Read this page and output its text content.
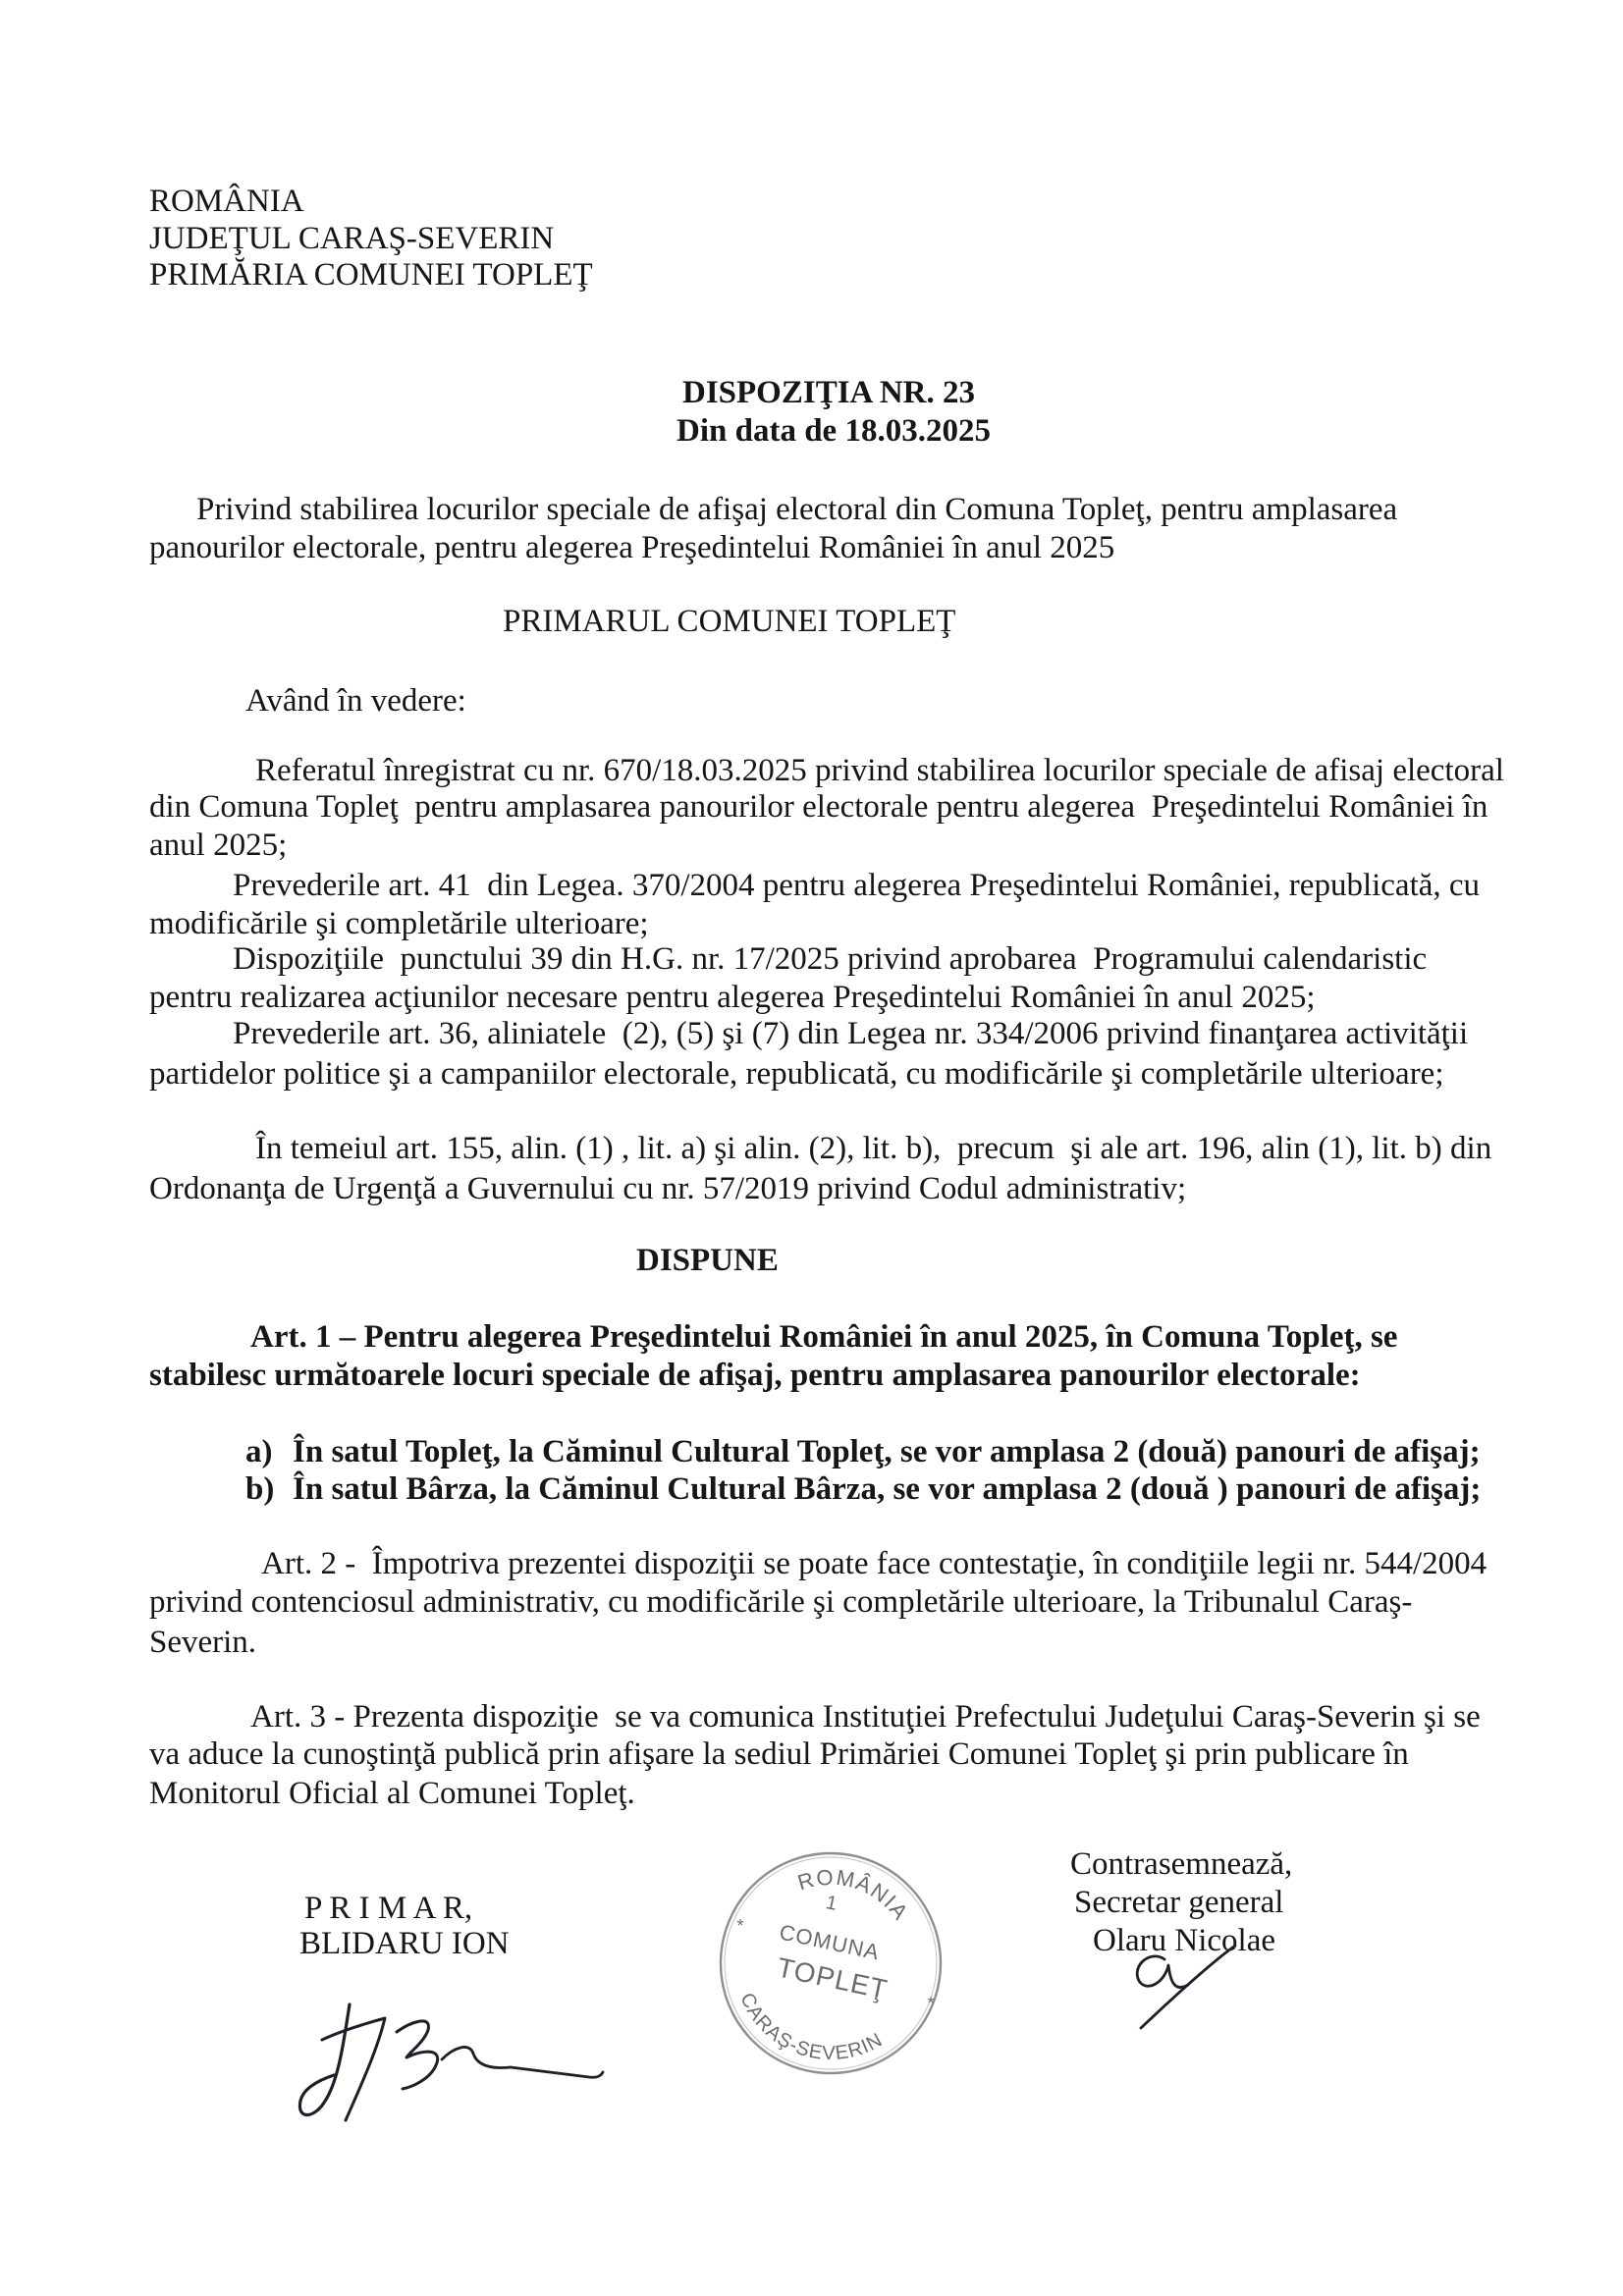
ROMÂNIA
JUDEŢUL CARAŞ-SEVERIN
PRIMĂRIA COMUNEI TOPLEŢ
DISPOZIŢIA NR. 23
Din data de 18.03.2025
Privind stabilirea locurilor speciale de afişaj electoral din Comuna Topleţ, pentru amplasarea
panourilor electorale, pentru alegerea Preşedintelui României în anul 2025
PRIMARUL COMUNEI TOPLEŢ
Având în vedere:
Referatul înregistrat cu nr. 670/18.03.2025 privind stabilirea locurilor speciale de afisaj electoral
din Comuna Topleţ  pentru amplasarea panourilor electorale pentru alegerea  Preşedintelui României în
anul 2025;
Prevederile art. 41  din Legea. 370/2004 pentru alegerea Preşedintelui României, republicată, cu
modificările şi completările ulterioare;
Dispoziţiile  punctului 39 din H.G. nr. 17/2025 privind aprobarea  Programului calendaristic
pentru realizarea acţiunilor necesare pentru alegerea Preşedintelui României în anul 2025;
Prevederile art. 36, aliniatele  (2), (5) şi (7) din Legea nr. 334/2006 privind finanţarea activităţii
partidelor politice şi a campaniilor electorale, republicată, cu modificările şi completările ulterioare;
În temeiul art. 155, alin. (1) , lit. a) şi alin. (2), lit. b),  precum  şi ale art. 196, alin (1), lit. b) din
Ordonanţa de Urgenţă a Guvernului cu nr. 57/2019 privind Codul administrativ;
DISPUNE
Art. 1 – Pentru alegerea Preşedintelui României în anul 2025, în Comuna Topleţ, se
stabilesc următoarele locuri speciale de afişaj, pentru amplasarea panourilor electorale:
a) În satul Topleţ, la Căminul Cultural Topleţ, se vor amplasa 2 (două) panouri de afişaj;
b) În satul Bârza, la Căminul Cultural Bârza, se vor amplasa 2 (două ) panouri de afişaj;
Art. 2 -  Împotriva prezentei dispoziţii se poate face contestaţie, în condiţiile legii nr. 544/2004
privind contenciosul administrativ, cu modificările şi completările ulterioare, la Tribunalul Caraş-
Severin.
Art. 3 - Prezenta dispoziţie  se va comunica Instituţiei Prefectului Judeţului Caraş-Severin şi se
va aduce la cunoştinţă publică prin afişare la sediul Primăriei Comunei Topleţ şi prin publicare în
Monitorul Oficial al Comunei Topleţ.
P R I M A R,
BLIDARU ION
ROMÂNIA
CARAŞ-SEVERIN
*
*
1
COMUNA
TOPLEŢ
Contrasemnează,
Secretar general
Olaru Nicolae
